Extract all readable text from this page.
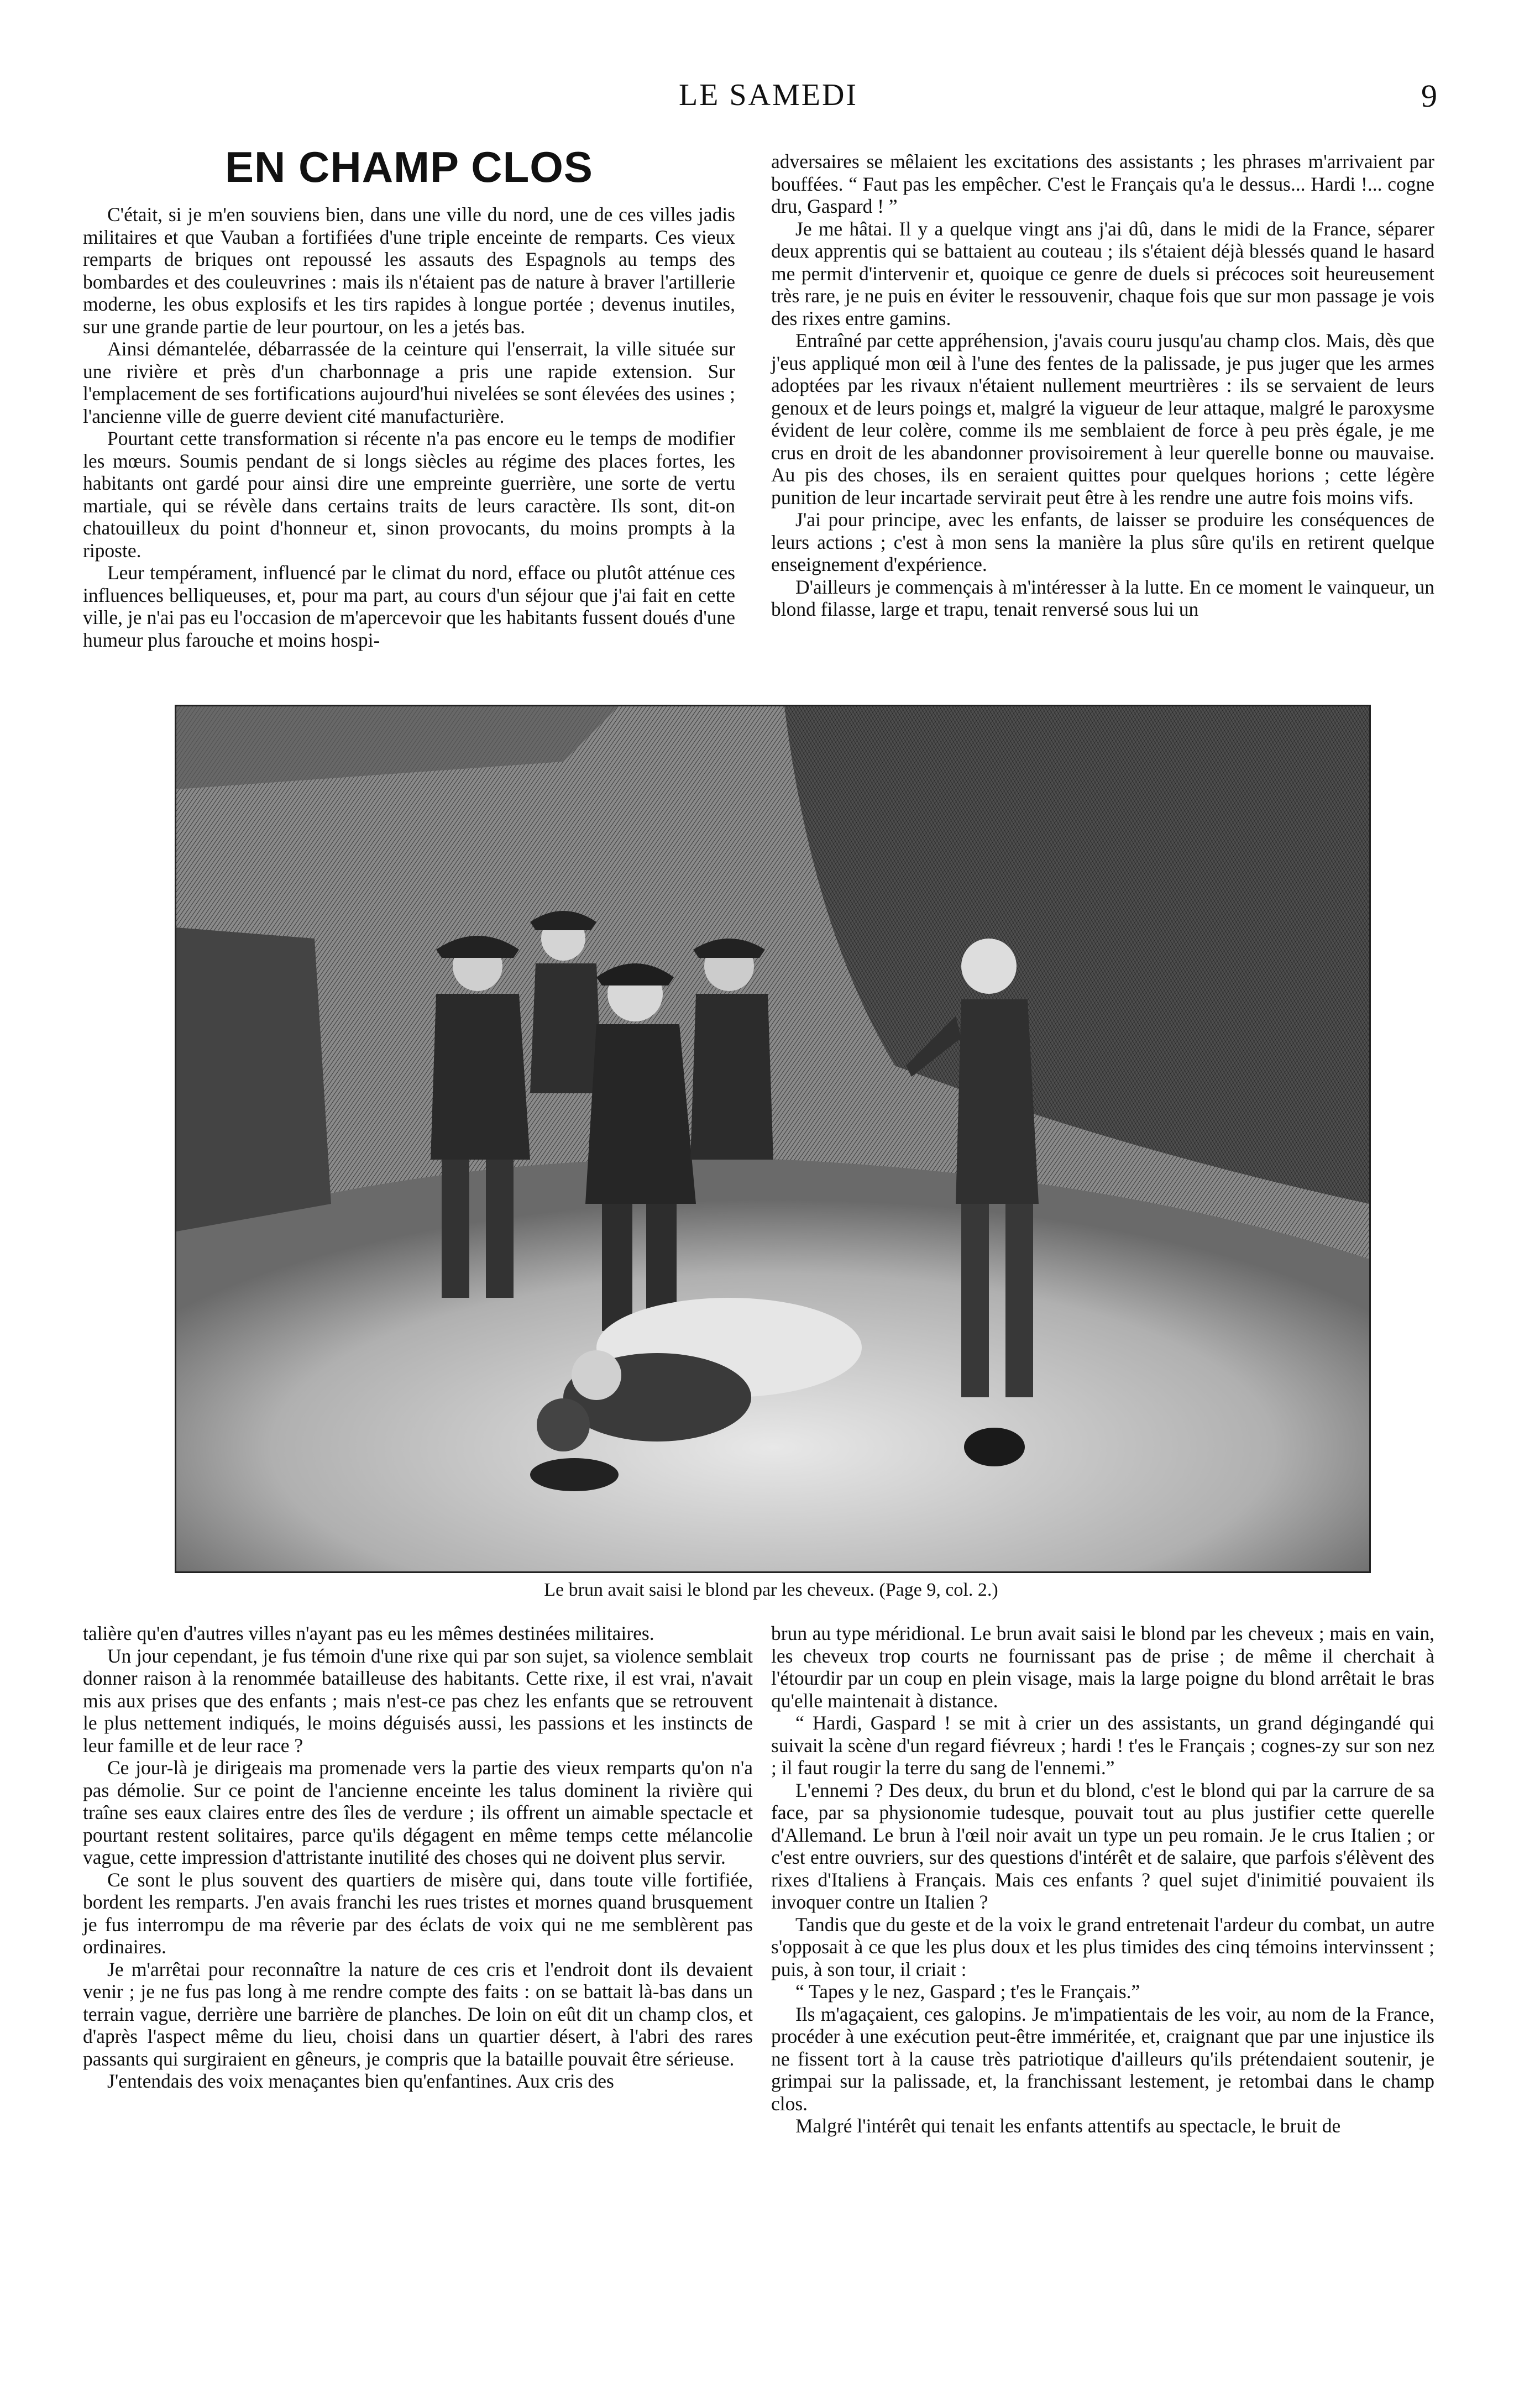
LE SAMEDI	9
EN CHAMP CLOS

C'était, si je m'en souviens bien, dans une ville du nord, une de ces villes jadis militaires et que Vauban a fortifiées d'une triple enceinte de remparts. Ces vieux remparts de briques ont repoussé les assauts des Espagnols au temps des bombardes et des couleuvrines : mais ils n'étaient pas de nature à braver l'artillerie moderne, les obus explosifs et les tirs rapides à longue portée ; devenus inutiles, sur une grande partie de leur pourtour, on les a jetés bas.

Ainsi démantelée, débarrassée de la ceinture qui l'enserrait, la ville située sur une rivière et près d'un charbonnage a pris une rapide extension. Sur l'emplacement de ses fortifications aujourd'hui nivelées se sont élevées des usines ; l'ancienne ville de guerre devient cité manufacturière.

Pourtant cette transformation si récente n'a pas encore eu le temps de modifier les mœurs. Soumis pendant de si longs siècles au régime des places fortes, les habitants ont gardé pour ainsi dire une empreinte guerrière, une sorte de vertu martiale, qui se révèle dans certains traits de leurs caractère. Ils sont, dit-on chatouilleux du point d'honneur et, sinon provocants, du moins prompts à la riposte.

Leur tempérament, influencé par le climat du nord, efface ou plutôt atténue ces influences belliqueuses, et, pour ma part, au cours d'un séjour que j'ai fait en cette ville, je n'ai pas eu l'occasion de m'apercevoir que les habitants fussent doués d'une humeur plus farouche et moins hospi-

adversaires se mêlaient les excitations des assistants ; les phrases m'arrivaient par bouffées. “ Faut pas les empêcher. C'est le Français qu'a le dessus... Hardi !... cogne dru, Gaspard ! ”

Je me hâtai. Il y a quelque vingt ans j'ai dû, dans le midi de la France, séparer deux apprentis qui se battaient au couteau ; ils s'étaient déjà blessés quand le hasard me permit d'intervenir et, quoique ce genre de duels si précoces soit heureusement très rare, je ne puis en éviter le ressouvenir, chaque fois que sur mon passage je vois des rixes entre gamins.

Entraîné par cette appréhension, j'avais couru jusqu'au champ clos. Mais, dès que j'eus appliqué mon œil à l'une des fentes de la palissade, je pus juger que les armes adoptées par les rivaux n'étaient nullement meurtrières : ils se servaient de leurs genoux et de leurs poings et, malgré la vigueur de leur attaque, malgré le paroxysme évident de leur colère, comme ils me semblaient de force à peu près égale, je me crus en droit de les abandonner provisoirement à leur querelle bonne ou mauvaise. Au pis des choses, ils en seraient quittes pour quelques horions ; cette légère punition de leur incartade servirait peut être à les rendre une autre fois moins vifs.

J'ai pour principe, avec les enfants, de laisser se produire les conséquences de leurs actions ; c'est à mon sens la manière la plus sûre qu'ils en retirent quelque enseignement d'expérience.

D'ailleurs je commençais à m'intéresser à la lutte. En ce moment le vainqueur, un blond filasse, large et trapu, tenait renversé sous lui un

Le brun avait saisi le blond par les cheveux. (Page 9, col. 2.)

talière qu'en d'autres villes n'ayant pas eu les mêmes destinées militaires.

Un jour cependant, je fus témoin d'une rixe qui par son sujet, sa violence semblait donner raison à la renommée batailleuse des habitants. Cette rixe, il est vrai, n'avait mis aux prises que des enfants ; mais n'est-ce pas chez les enfants que se retrouvent le plus nettement indiqués, le moins déguisés aussi, les passions et les instincts de leur famille et de leur race ?

Ce jour-là je dirigeais ma promenade vers la partie des vieux remparts qu'on n'a pas démolie. Sur ce point de l'ancienne enceinte les talus dominent la rivière qui traîne ses eaux claires entre des îles de verdure ; ils offrent un aimable spectacle et pourtant restent solitaires, parce qu'ils dégagent en même temps cette mélancolie vague, cette impression d'attristante inutilité des choses qui ne doivent plus servir.

Ce sont le plus souvent des quartiers de misère qui, dans toute ville fortifiée, bordent les remparts. J'en avais franchi les rues tristes et mornes quand brusquement je fus interrompu de ma rêverie par des éclats de voix qui ne me semblèrent pas ordinaires.

Je m'arrêtai pour reconnaître la nature de ces cris et l'endroit dont ils devaient venir ; je ne fus pas long à me rendre compte des faits : on se battait là-bas dans un terrain vague, derrière une barrière de planches. De loin on eût dit un champ clos, et d'après l'aspect même du lieu, choisi dans un quartier désert, à l'abri des rares passants qui surgiraient en gêneurs, je compris que la bataille pouvait être sérieuse.

J'entendais des voix menaçantes bien qu'enfantines. Aux cris des

brun au type méridional. Le brun avait saisi le blond par les cheveux ; mais en vain, les cheveux trop courts ne fournissant pas de prise ; de même il cherchait à l'étourdir par un coup en plein visage, mais la large poigne du blond arrêtait le bras qu'elle maintenait à distance.

“ Hardi, Gaspard ! se mit à crier un des assistants, un grand dégingandé qui suivait la scène d'un regard fiévreux ; hardi ! t'es le Français ; cognes-zy sur son nez ; il faut rougir la terre du sang de l'ennemi.”

L'ennemi ? Des deux, du brun et du blond, c'est le blond qui par la carrure de sa face, par sa physionomie tudesque, pouvait tout au plus justifier cette querelle d'Allemand. Le brun à l'œil noir avait un type un peu romain. Je le crus Italien ; or c'est entre ouvriers, sur des questions d'intérêt et de salaire, que parfois s'élèvent des rixes d'Italiens à Français. Mais ces enfants ? quel sujet d'inimitié pouvaient ils invoquer contre un Italien ?

Tandis que du geste et de la voix le grand entretenait l'ardeur du combat, un autre s'opposait à ce que les plus doux et les plus timides des cinq témoins intervinssent ; puis, à son tour, il criait :

“ Tapes y le nez, Gaspard ; t'es le Français.”

Ils m'agaçaient, ces galopins. Je m'impatientais de les voir, au nom de la France, procéder à une exécution peut-être imméritée, et, craignant que par une injustice ils ne fissent tort à la cause très patriotique d'ailleurs qu'ils prétendaient soutenir, je grimpai sur la palissade, et, la franchissant lestement, je retombai dans le champ clos.

Malgré l'intérêt qui tenait les enfants attentifs au spectacle, le bruit de
